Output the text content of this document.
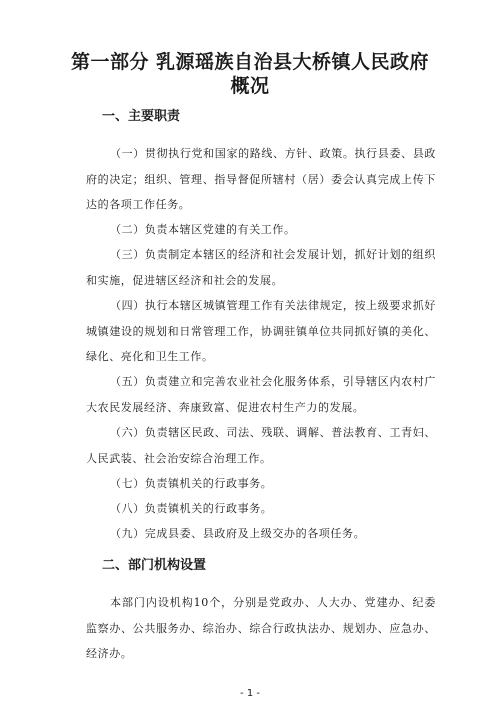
第一部分 乳源瑶族自治县大桥镇人民政府
概况
一、主要职责

（一）贯彻执行党和国家的路线、方针、政策。执行县委、县政府的决定；组织、管理、指导督促所辖村（居）委会认真完成上传下达的各项工作任务。

（二）负责本辖区党建的有关工作。

（三）负责制定本辖区的经济和社会发展计划，抓好计划的组织和实施，促进辖区经济和社会的发展。

（四）执行本辖区城镇管理工作有关法律规定，按上级要求抓好城镇建设的规划和日常管理工作，协调驻镇单位共同抓好镇的美化、绿化、亮化和卫生工作。

（五）负责建立和完善农业社会化服务体系，引导辖区内农村广大农民发展经济、奔康致富、促进农村生产力的发展。

（六）负责辖区民政、司法、残联、调解、普法教育、工青妇、人民武装、社会治安综合治理工作。

（七）负责镇机关的行政事务。

（八）负责镇机关的行政事务。

（九）完成县委、县政府及上级交办的各项任务。

二、部门机构设置

本部门内设机构10个，分别是党政办、人大办、党建办、纪委监察办、公共服务办、综治办、综合行政执法办、规划办、应急办、经济办。

- 1 -
